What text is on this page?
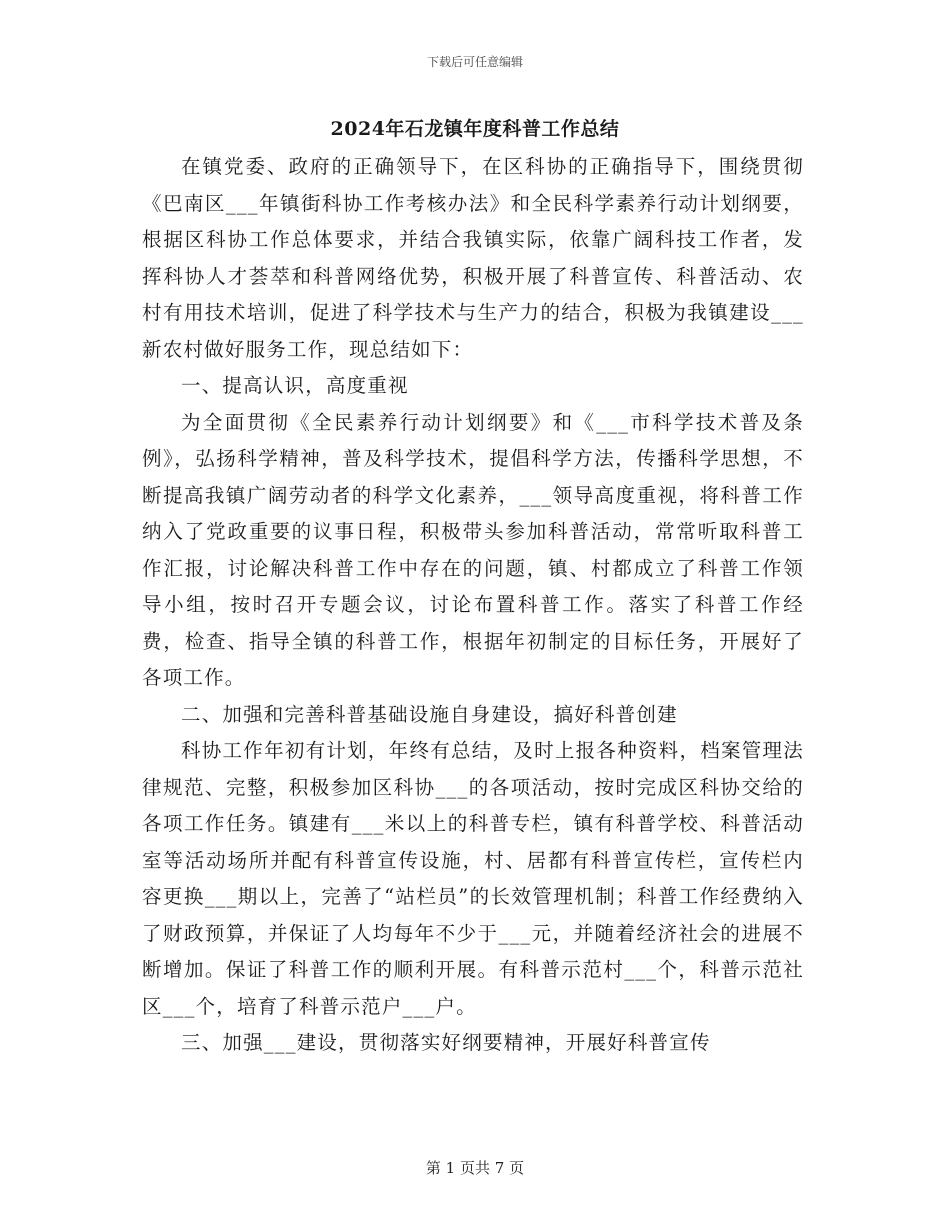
下载后可任意编辑
2024年石龙镇年度科普工作总结

在镇党委、政府的正确领导下，在区科协的正确指导下，围绕贯彻《巴南区___年镇街科协工作考核办法》和全民科学素养行动计划纲要，根据区科协工作总体要求，并结合我镇实际，依靠广阔科技工作者，发挥科协人才荟萃和科普网络优势，积极开展了科普宣传、科普活动、农村有用技术培训，促进了科学技术与生产力的结合，积极为我镇建设___新农村做好服务工作，现总结如下：

一、提高认识，高度重视

为全面贯彻《全民素养行动计划纲要》和《___市科学技术普及条例》，弘扬科学精神，普及科学技术，提倡科学方法，传播科学思想，不断提高我镇广阔劳动者的科学文化素养，___领导高度重视，将科普工作纳入了党政重要的议事日程，积极带头参加科普活动，常常听取科普工作汇报，讨论解决科普工作中存在的问题，镇、村都成立了科普工作领导小组，按时召开专题会议，讨论布置科普工作。落实了科普工作经费，检查、指导全镇的科普工作，根据年初制定的目标任务，开展好了各项工作。

二、加强和完善科普基础设施自身建设，搞好科普创建

科协工作年初有计划，年终有总结，及时上报各种资料，档案管理法律规范、完整，积极参加区科协___的各项活动，按时完成区科协交给的各项工作任务。镇建有___米以上的科普专栏，镇有科普学校、科普活动室等活动场所并配有科普宣传设施，村、居都有科普宣传栏，宣传栏内容更换___期以上，完善了“站栏员”的长效管理机制；科普工作经费纳入了财政预算，并保证了人均每年不少于___元，并随着经济社会的进展不断增加。保证了科普工作的顺利开展。有科普示范村___个，科普示范社区___个，培育了科普示范户___户。

三、加强___建设，贯彻落实好纲要精神，开展好科普宣传

第 1 页共 7 页
